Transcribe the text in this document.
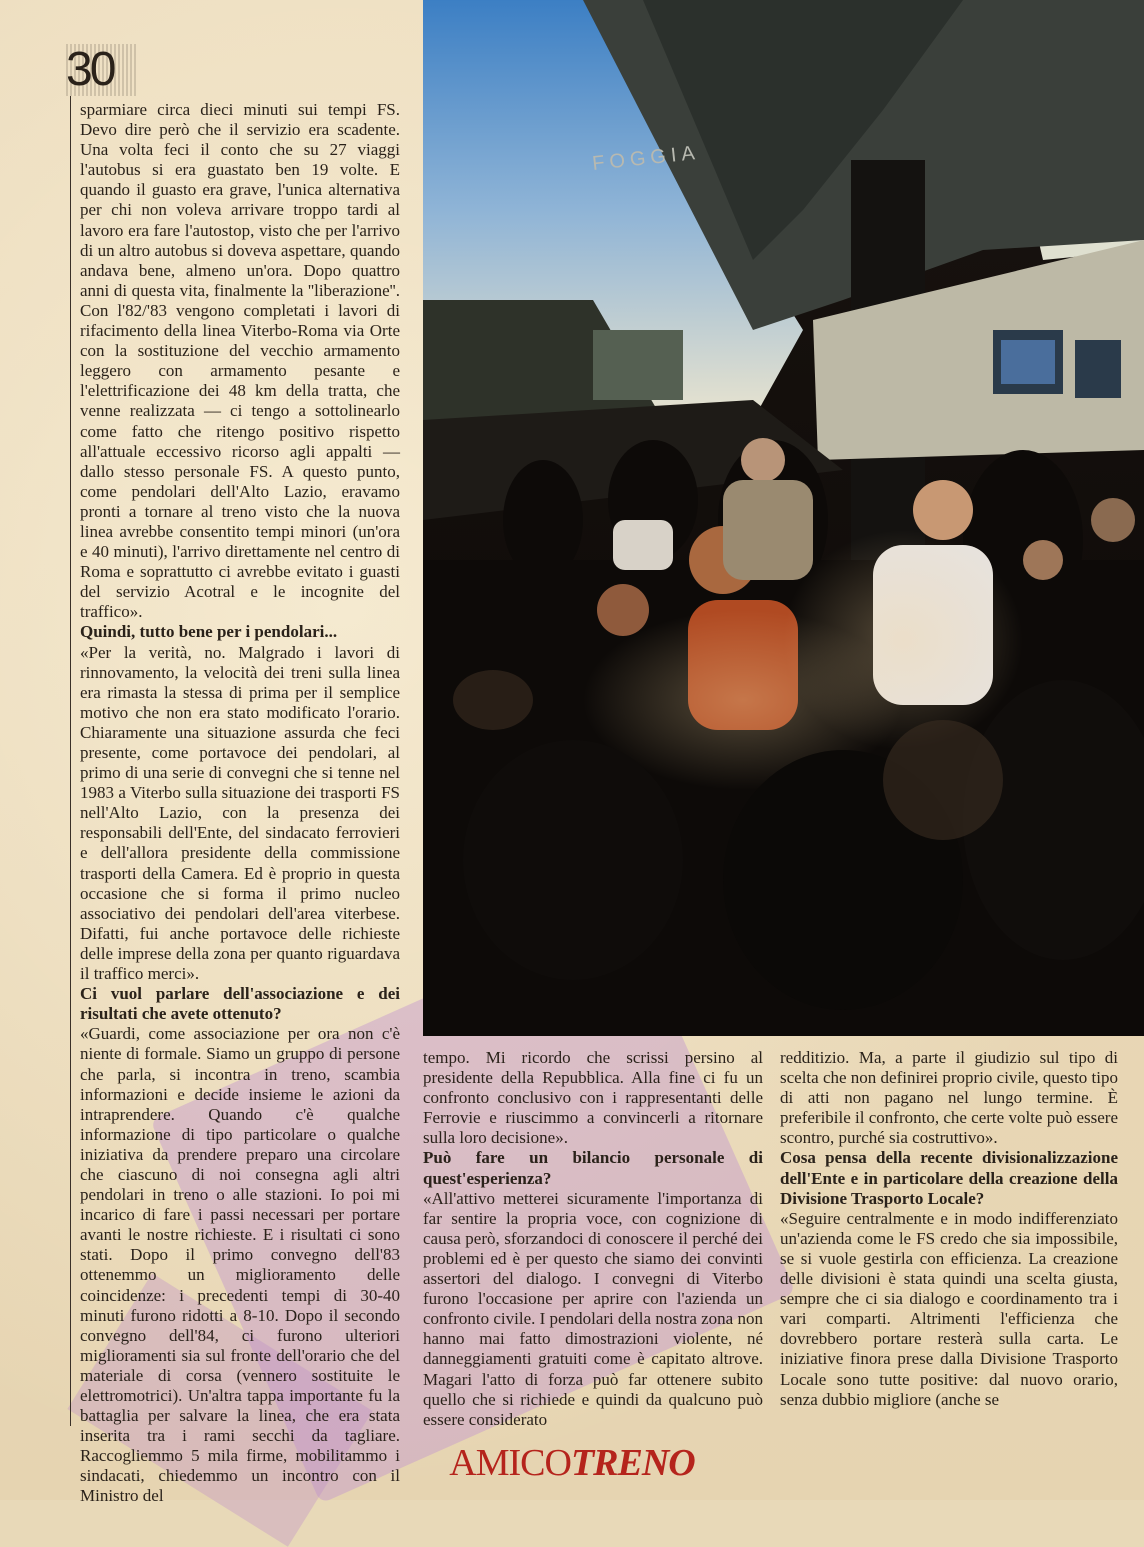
30

sparmiare circa dieci minuti sui tempi FS. Devo dire però che il servizio era scadente. Una volta feci il conto che su 27 viaggi l'autobus si era guastato ben 19 volte. E quando il guasto era grave, l'unica alternativa per chi non voleva arrivare troppo tardi al lavoro era fare l'autostop, visto che per l'arrivo di un altro autobus si doveva aspettare, quando andava bene, almeno un'ora. Dopo quattro anni di questa vita, finalmente la ''liberazione''. Con l'82/'83 vengono completati i lavori di rifacimento della linea Viterbo-Roma via Orte con la sostituzione del vecchio armamento leggero con armamento pesante e l'elettrificazione dei 48 km della tratta, che venne realizzata — ci tengo a sottolinearlo come fatto che ritengo positivo rispetto all'attuale eccessivo ricorso agli appalti — dallo stesso personale FS. A questo punto, come pendolari dell'Alto Lazio, eravamo pronti a tornare al treno visto che la nuova linea avrebbe consentito tempi minori (un'ora e 40 minuti), l'arrivo direttamente nel centro di Roma e soprattutto ci avrebbe evitato i guasti del servizio Acotral e le incognite del traffico».

Quindi, tutto bene per i pendolari...

«Per la verità, no. Malgrado i lavori di rinnovamento, la velocità dei treni sulla linea era rimasta la stessa di prima per il semplice motivo che non era stato modificato l'orario. Chiaramente una situazione assurda che feci presente, come portavoce dei pendolari, al primo di una serie di convegni che si tenne nel 1983 a Viterbo sulla situazione dei trasporti FS nell'Alto Lazio, con la presenza dei responsabili dell'Ente, del sindacato ferrovieri e dell'allora presidente della commissione trasporti della Camera. Ed è proprio in questa occasione che si forma il primo nucleo associativo dei pendolari dell'area viterbese. Difatti, fui anche portavoce delle richieste delle imprese della zona per quanto riguardava il traffico merci».

Ci vuol parlare dell'associazione e dei risultati che avete ottenuto?

«Guardi, come associazione per ora non c'è niente di formale. Siamo un gruppo di persone che parla, si incontra in treno, scambia informazioni e decide insieme le azioni da intraprendere. Quando c'è qualche informazione di tipo particolare o qualche iniziativa da prendere preparo una circolare che ciascuno di noi consegna agli altri pendolari in treno o alle stazioni. Io poi mi incarico di fare i passi necessari per portare avanti le nostre richieste. E i risultati ci sono stati. Dopo il primo convegno dell'83 ottenemmo un miglioramento delle coincidenze: i precedenti tempi di 30-40 minuti furono ridotti a 8-10. Dopo il secondo convegno dell'84, ci furono ulteriori miglioramenti sia sul fronte dell'orario che del materiale di corsa (vennero sostituite le elettromotrici). Un'altra tappa importante fu la battaglia per salvare la linea, che era stata inserita tra i rami secchi da tagliare. Raccogliemmo 5 mila firme, mobilitammo i sindacati, chiedemmo un incontro con il Ministro del

FOGGIA

tempo. Mi ricordo che scrissi persino al presidente della Repubblica. Alla fine ci fu un confronto conclusivo con i rappresentanti delle Ferrovie e riuscimmo a convincerli a ritornare sulla loro decisione».

Può fare un bilancio personale di quest'esperienza?

«All'attivo metterei sicuramente l'importanza di far sentire la propria voce, con cognizione di causa però, sforzandoci di conoscere il perché dei problemi ed è per questo che siamo dei convinti assertori del dialogo. I convegni di Viterbo furono l'occasione per aprire con l'azienda un confronto civile. I pendolari della nostra zona non hanno mai fatto dimostrazioni violente, né danneggiamenti gratuiti come è capitato altrove. Magari l'atto di forza può far ottenere subito quello che si richiede e quindi da qualcuno può essere considerato

redditizio. Ma, a parte il giudizio sul tipo di scelta che non definirei proprio civile, questo tipo di atti non pagano nel lungo termine. È preferibile il confronto, che certe volte può essere scontro, purché sia costruttivo».

Cosa pensa della recente divisionalizzazione dell'Ente e in particolare della creazione della Divisione Trasporto Locale?

«Seguire centralmente e in modo indifferenziato un'azienda come le FS credo che sia impossibile, se si vuole gestirla con efficienza. La creazione delle divisioni è stata quindi una scelta giusta, sempre che ci sia dialogo e coordinamento tra i vari comparti. Altrimenti l'efficienza che dovrebbero portare resterà sulla carta. Le iniziative finora prese dalla Divisione Trasporto Locale sono tutte positive: dal nuovo orario, senza dubbio migliore (anche se

AMICOTRENO
